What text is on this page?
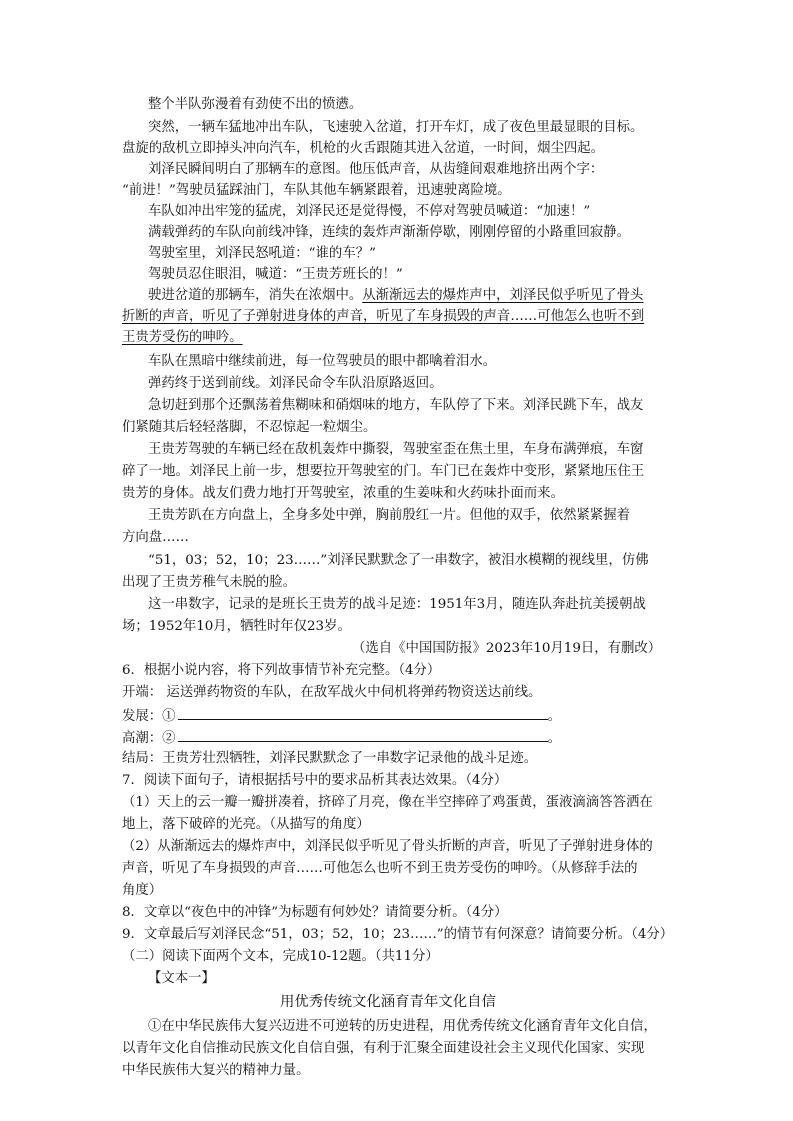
整个半队弥漫着有劲使不出的愤懑。
突然，一辆车猛地冲出车队，飞速驶入岔道，打开车灯，成了夜色里最显眼的目标。
盘旋的敌机立即掉头冲向汽车，机枪的火舌跟随其进入岔道，一时间，烟尘四起。
刘泽民瞬间明白了那辆车的意图。他压低声音，从齿缝间艰难地挤出两个字：
“前进！”驾驶员猛踩油门，车队其他车辆紧跟着，迅速驶离险境。
车队如冲出牢笼的猛虎，刘泽民还是觉得慢，不停对驾驶员喊道：“加速！”
满载弹药的车队向前线冲锋，连续的轰炸声渐渐停歇，刚刚停留的小路重回寂静。
驾驶室里，刘泽民怒吼道：“谁的车？”
驾驶员忍住眼泪，喊道：“王贵芳班长的！”
驶进岔道的那辆车，消失在浓烟中。从渐渐远去的爆炸声中，刘泽民似乎听见了骨头
折断的声音，听见了子弹射进身体的声音，听见了车身损毁的声音……可他怎么也听不到
王贵芳受伤的呻吟。
车队在黑暗中继续前进，每一位驾驶员的眼中都噙着泪水。
弹药终于送到前线。刘泽民命令车队沿原路返回。
急切赶到那个还飘荡着焦糊味和硝烟味的地方，车队停了下来。刘泽民跳下车，战友
们紧随其后轻轻落脚，不忍惊起一粒烟尘。
王贵芳驾驶的车辆已经在敌机轰炸中撕裂，驾驶室歪在焦土里，车身布满弹痕，车窗
碎了一地。刘泽民上前一步，想要拉开驾驶室的门。车门已在轰炸中变形，紧紧地压住王
贵芳的身体。战友们费力地打开驾驶室，浓重的生姜味和火药味扑面而来。
王贵芳趴在方向盘上，全身多处中弹，胸前殷红一片。但他的双手，依然紧紧握着
方向盘……
“51，03；52，10；23……”刘泽民默默念了一串数字，被泪水模糊的视线里，仿佛
出现了王贵芳稚气未脱的脸。
这一串数字，记录的是班长王贵芳的战斗足迹：1951年3月，随连队奔赴抗美援朝战
场；1952年10月，牺牲时年仅23岁。
（选自《中国国防报》2023年10月19日，有删改）
6．根据小说内容，将下列故事情节补充完整。（4分）
开端： 运送弹药物资的车队，在敌军战火中伺机将弹药物资送达前线。
发展：①	。
高潮：②	。
结局：王贵芳壮烈牺牲，刘泽民默默念了一串数字记录他的战斗足迹。
7．阅读下面句子，请根据括号中的要求品析其表达效果。（4分）
（1）天上的云一瓣一瓣拼凑着，挤碎了月亮，像在半空摔碎了鸡蛋黄，蛋液滴滴答答洒在
地上，落下破碎的光亮。（从描写的角度）
（2）从渐渐远去的爆炸声中，刘泽民似乎听见了骨头折断的声音，听见了子弹射进身体的
声音，听见了车身损毁的声音……可他怎么也听不到王贵芳受伤的呻吟。（从修辞手法的
角度）
8．文章以“夜色中的冲锋”为标题有何妙处？请简要分析。（4分）
9．文章最后写刘泽民念“51，03；52，10；23……”的情节有何深意？请简要分析。（4分）
（二）阅读下面两个文本，完成10-12题。（共11分）
【文本一】
用优秀传统文化涵育青年文化自信
①在中华民族伟大复兴迈进不可逆转的历史进程，用优秀传统文化涵育青年文化自信，
以青年文化自信推动民族文化自信自强，有利于汇聚全面建设社会主义现代化国家、实现
中华民族伟大复兴的精神力量。
